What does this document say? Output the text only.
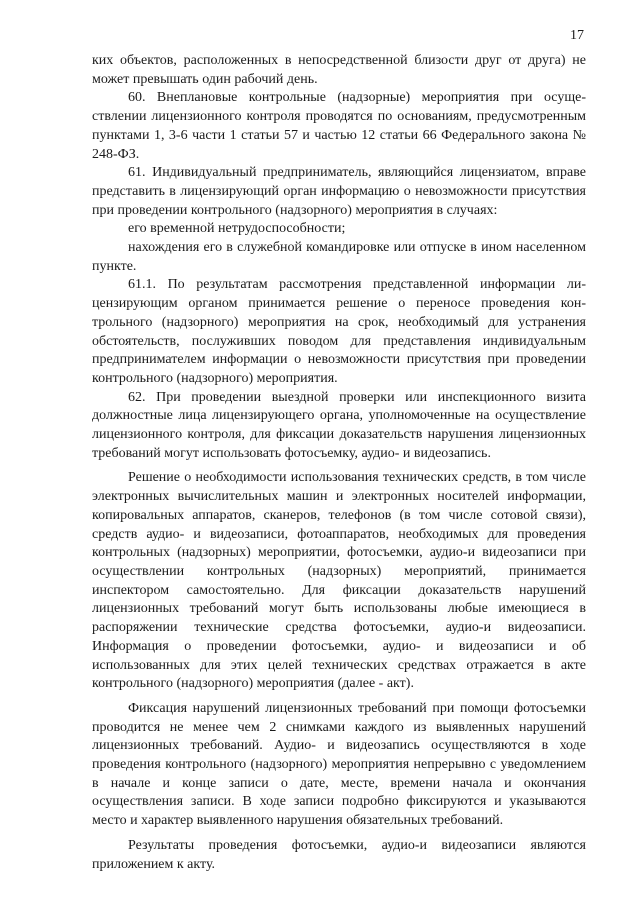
17

ких объектов, расположенных в непосредственной близости друг от друга) не может превышать один рабочий день.

60. Внеплановые контрольные (надзорные) мероприятия при осуществлении лицензионного контроля проводятся по основаниям, предусмотренным пунктами 1, 3-6 части 1 статьи 57 и частью 12 статьи 66 Федерального закона № 248-ФЗ.

61. Индивидуальный предприниматель, являющийся лицензиатом, вправе представить в лицензирующий орган информацию о невозможности присутствия при проведении контрольного (надзорного) мероприятия в случаях:

его временной нетрудоспособности;

нахождения его в служебной командировке или отпуске в ином населенном пункте.

61.1. По результатам рассмотрения представленной информации лицензирующим органом принимается решение о переносе проведения контрольного (надзорного) мероприятия на срок, необходимый для устранения обстоятельств, послуживших поводом для представления индивидуальным предпринимателем информации о невозможности присутствия при проведении контрольного (надзорного) мероприятия.

62. При проведении выездной проверки или инспекционного визита должностные лица лицензирующего органа, уполномоченные на осуществление лицензионного контроля, для фиксации доказательств нарушения лицензионных требований могут использовать фотосъемку, аудио- и видеозапись.

Решение о необходимости использования технических средств, в том числе электронных вычислительных машин и электронных носителей информации, копировальных аппаратов, сканеров, телефонов (в том числе сотовой связи), средств аудио- и видеозаписи, фотоаппаратов, необходимых для проведения контрольных (надзорных) мероприятии, фотосъемки, аудио-и видеозаписи при осуществлении контрольных (надзорных) мероприятий, принимается инспектором самостоятельно. Для фиксации доказательств нарушений лицензионных требований могут быть использованы любые имеющиеся в распоряжении технические средства фотосъемки, аудио-и видеозаписи. Информация о проведении фотосъемки, аудио- и видеозаписи и об использованных для этих целей технических средствах отражается в акте контрольного (надзорного) мероприятия (далее - акт).

Фиксация нарушений лицензионных требований при помощи фотосъемки проводится не менее чем 2 снимками каждого из выявленных нарушений лицензионных требований. Аудио- и видеозапись осуществляются в ходе проведения контрольного (надзорного) мероприятия непрерывно с уведомлением в начале и конце записи о дате, месте, времени начала и окончания осуществления записи. В ходе записи подробно фиксируются и указываются место и характер выявленного нарушения обязательных требований.

Результаты проведения фотосъемки, аудио-и видеозаписи являются приложением к акту.
